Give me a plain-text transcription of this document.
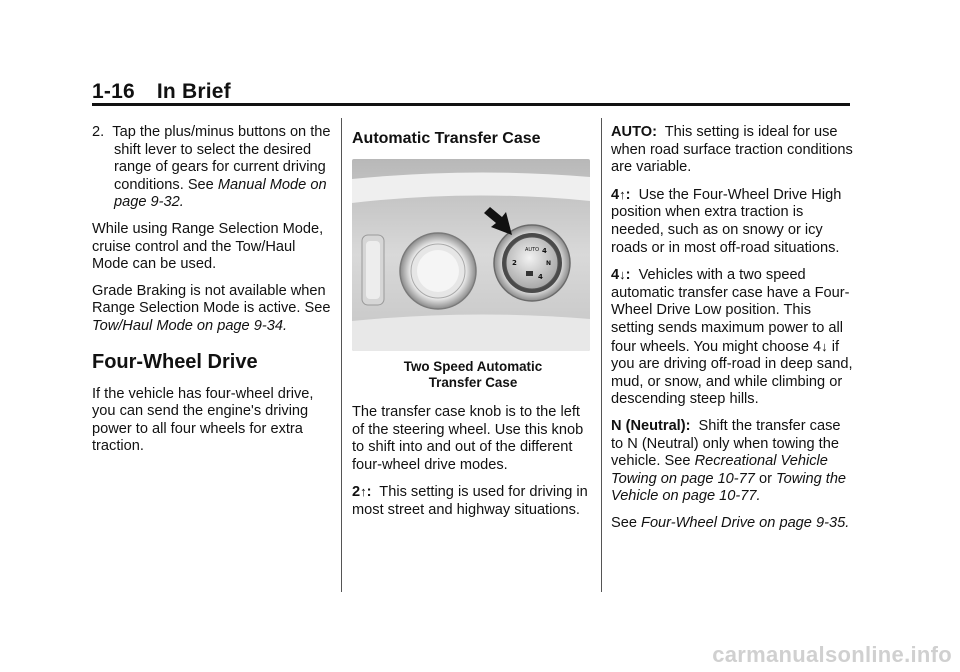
1-16 In Brief

2. Tap the plus/minus buttons on the shift lever to select the desired range of gears for current driving conditions. See Manual Mode on page 9-32.

While using Range Selection Mode, cruise control and the Tow/Haul Mode can be used.

Grade Braking is not available when Range Selection Mode is active. See Tow/Haul Mode on page 9-34.

Four-Wheel Drive

If the vehicle has four-wheel drive, you can send the engine's driving power to all four wheels for extra traction.

Automatic Transfer Case
AUTO 4
2	N
4
Two Speed Automatic
Transfer Case

The transfer case knob is to the left of the steering wheel. Use this knob to shift into and out of the different four-wheel drive modes.

2↑: This setting is used for driving in most street and highway situations.

AUTO: This setting is ideal for use when road surface traction conditions are variable.

4↑: Use the Four-Wheel Drive High position when extra traction is needed, such as on snowy or icy roads or in most off-road situations.

4↓: Vehicles with a two speed automatic transfer case have a Four-Wheel Drive Low position. This setting sends maximum power to all four wheels. You might choose 4↓ if you are driving off-road in deep sand, mud, or snow, and while climbing or descending steep hills.

N (Neutral): Shift the transfer case to N (Neutral) only when towing the vehicle. See Recreational Vehicle Towing on page 10-77 or Towing the Vehicle on page 10-77.

See Four-Wheel Drive on page 9-35.

carmanualsonline.info
